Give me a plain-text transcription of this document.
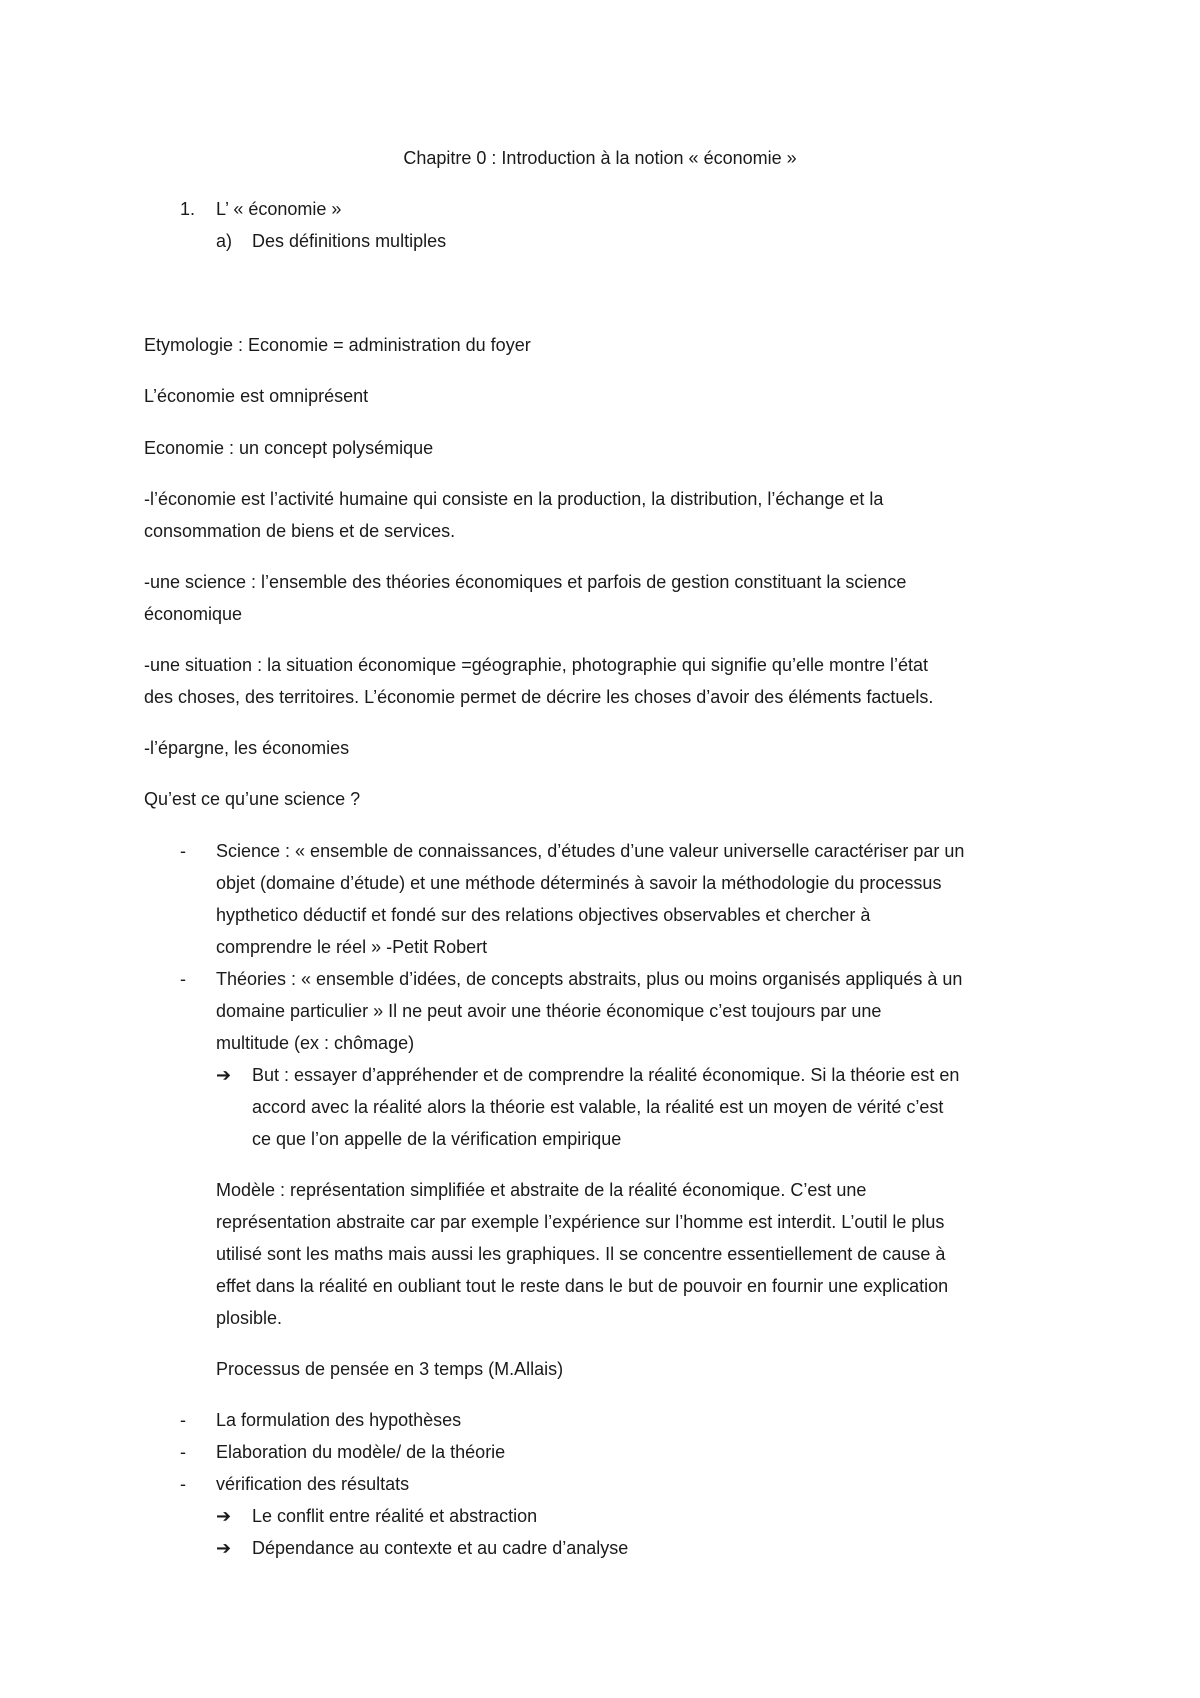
Chapitre 0 : Introduction à la notion « économie »

1. L’ « économie »
a) Des définitions multiples

Etymologie : Economie = administration du foyer

L’économie est omniprésent

Economie : un concept polysémique

-l’économie est l’activité humaine qui consiste en la production, la distribution, l’échange et la

consommation de biens et de services.

-une science : l’ensemble des théories économiques et parfois de gestion constituant la science

économique

-une situation : la situation économique =géographie, photographie qui signifie qu’elle montre l’état

des choses, des territoires. L’économie permet de décrire les choses d’avoir des éléments factuels.

-l’épargne, les économies

Qu’est ce qu’une science ?

- Science : « ensemble de connaissances, d’études d’une valeur universelle caractériser par un

objet (domaine d’étude) et une méthode déterminés à savoir la méthodologie du processus

hypthetico déductif et fondé sur des relations objectives observables et chercher à

comprendre le réel » -Petit Robert

- Théories : « ensemble d’idées, de concepts abstraits, plus ou moins organisés appliqués à un

domaine particulier » Il ne peut avoir une théorie économique c’est toujours par une

multitude (ex : chômage)

➔ But : essayer d’appréhender et de comprendre la réalité économique. Si la théorie est en

accord avec la réalité alors la théorie est valable, la réalité est un moyen de vérité c’est

ce que l’on appelle de la vérification empirique

Modèle : représentation simplifiée et abstraite de la réalité économique. C’est une

représentation abstraite car par exemple l’expérience sur l’homme est interdit. L’outil le plus

utilisé sont les maths mais aussi les graphiques. Il se concentre essentiellement de cause à

effet dans la réalité en oubliant tout le reste dans le but de pouvoir en fournir une explication

plosible.

Processus de pensée en 3 temps (M.Allais)

- La formulation des hypothèses

- Elaboration du modèle/ de la théorie

- vérification des résultats

➔ Le conflit entre réalité et abstraction

➔ Dépendance au contexte et au cadre d’analyse
